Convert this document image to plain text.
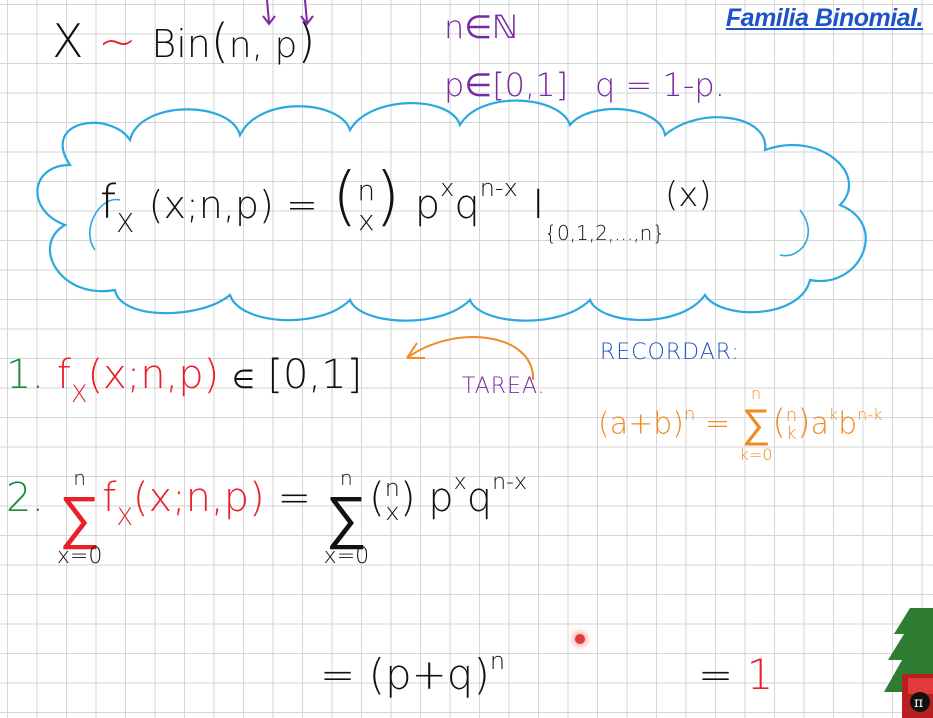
Familia Binomial.
X ~ Bin(n, p)	n∈ℕ
p∈[0,1] q = 1-p.
$f_X$ (x;n,p) = (n
x) $p^xq^{n-x}$ $I_{\{0,1,2,...,n\}}^{(x)}$
1. $f_X(x;n,p)$ ∈ [0,1]	TAREA.
RECORDAR:
$(a+b)^n$ =
n
∑
k=0
(n
$k)a^kb^{n-k}$
2.	n
∑
x=0
fX(x;n,p) =	n
∑
x=0
(n
x) $p^xq^{n-x}$
= $(p+q)^n$	= 1
π
